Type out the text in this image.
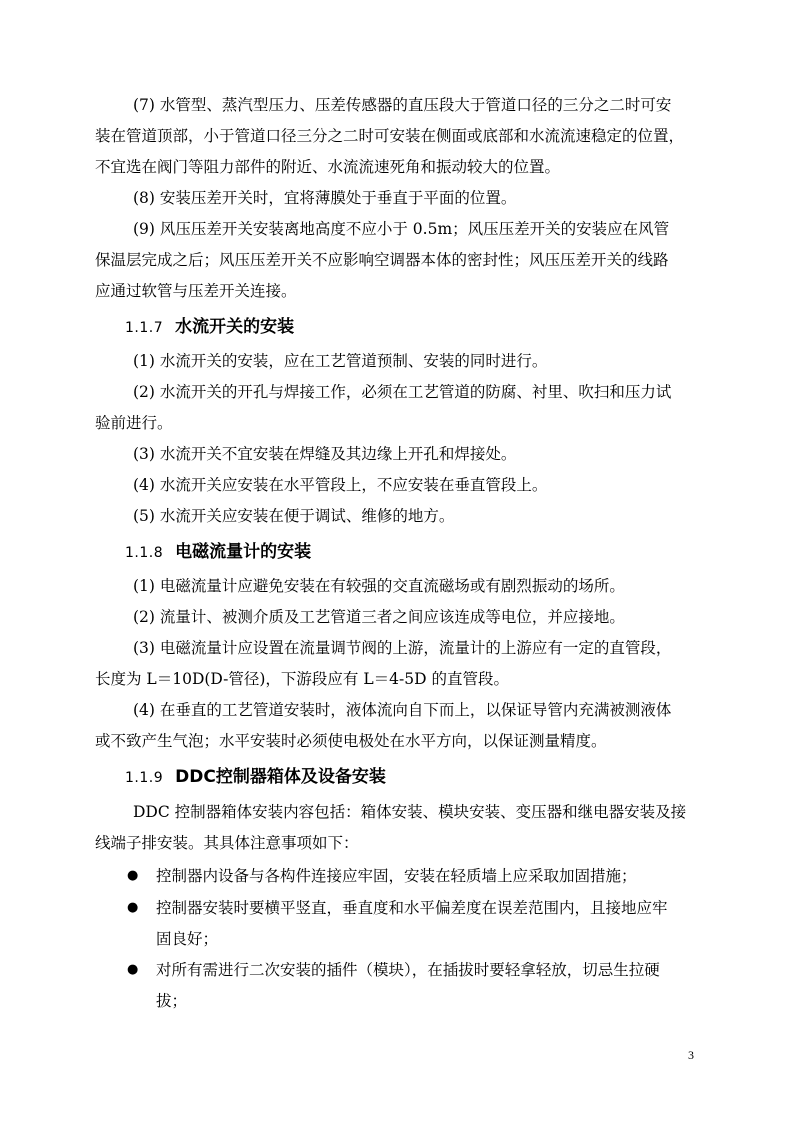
(7) 水管型、蒸汽型压力、压差传感器的直压段大于管道口径的三分之二时可安
装在管道顶部，小于管道口径三分之二时可安装在侧面或底部和水流流速稳定的位置，
不宜选在阀门等阻力部件的附近、水流流速死角和振动较大的位置。
(8) 安装压差开关时，宜将薄膜处于垂直于平面的位置。
(9) 风压压差开关安装离地高度不应小于 0.5m；风压压差开关的安装应在风管
保温层完成之后；风压压差开关不应影响空调器本体的密封性；风压压差开关的线路
应通过软管与压差开关连接。
1.1.7 水流开关的安装
(1) 水流开关的安装，应在工艺管道预制、安装的同时进行。
(2) 水流开关的开孔与焊接工作，必须在工艺管道的防腐、衬里、吹扫和压力试
验前进行。
(3) 水流开关不宜安装在焊缝及其边缘上开孔和焊接处。
(4) 水流开关应安装在水平管段上，不应安装在垂直管段上。
(5) 水流开关应安装在便于调试、维修的地方。
1.1.8 电磁流量计的安装
(1) 电磁流量计应避免安装在有较强的交直流磁场或有剧烈振动的场所。
(2) 流量计、被测介质及工艺管道三者之间应该连成等电位，并应接地。
(3) 电磁流量计应设置在流量调节阀的上游，流量计的上游应有一定的直管段，
长度为 L＝10D(D-管径)，下游段应有 L＝4-5D 的直管段。
(4) 在垂直的工艺管道安装时，液体流向自下而上，以保证导管内充满被测液体
或不致产生气泡；水平安装时必须使电极处在水平方向，以保证测量精度。
1.1.9 DDC控制器箱体及设备安装
DDC 控制器箱体安装内容包括：箱体安装、模块安装、变压器和继电器安装及接
线端子排安装。其具体注意事项如下：
● 控制器内设备与各构件连接应牢固，安装在轻质墙上应采取加固措施；
● 控制器安装时要横平竖直，垂直度和水平偏差度在误差范围内，且接地应牢
固良好；
● 对所有需进行二次安装的插件（模块），在插拔时要轻拿轻放，切忌生拉硬
拔；
3
